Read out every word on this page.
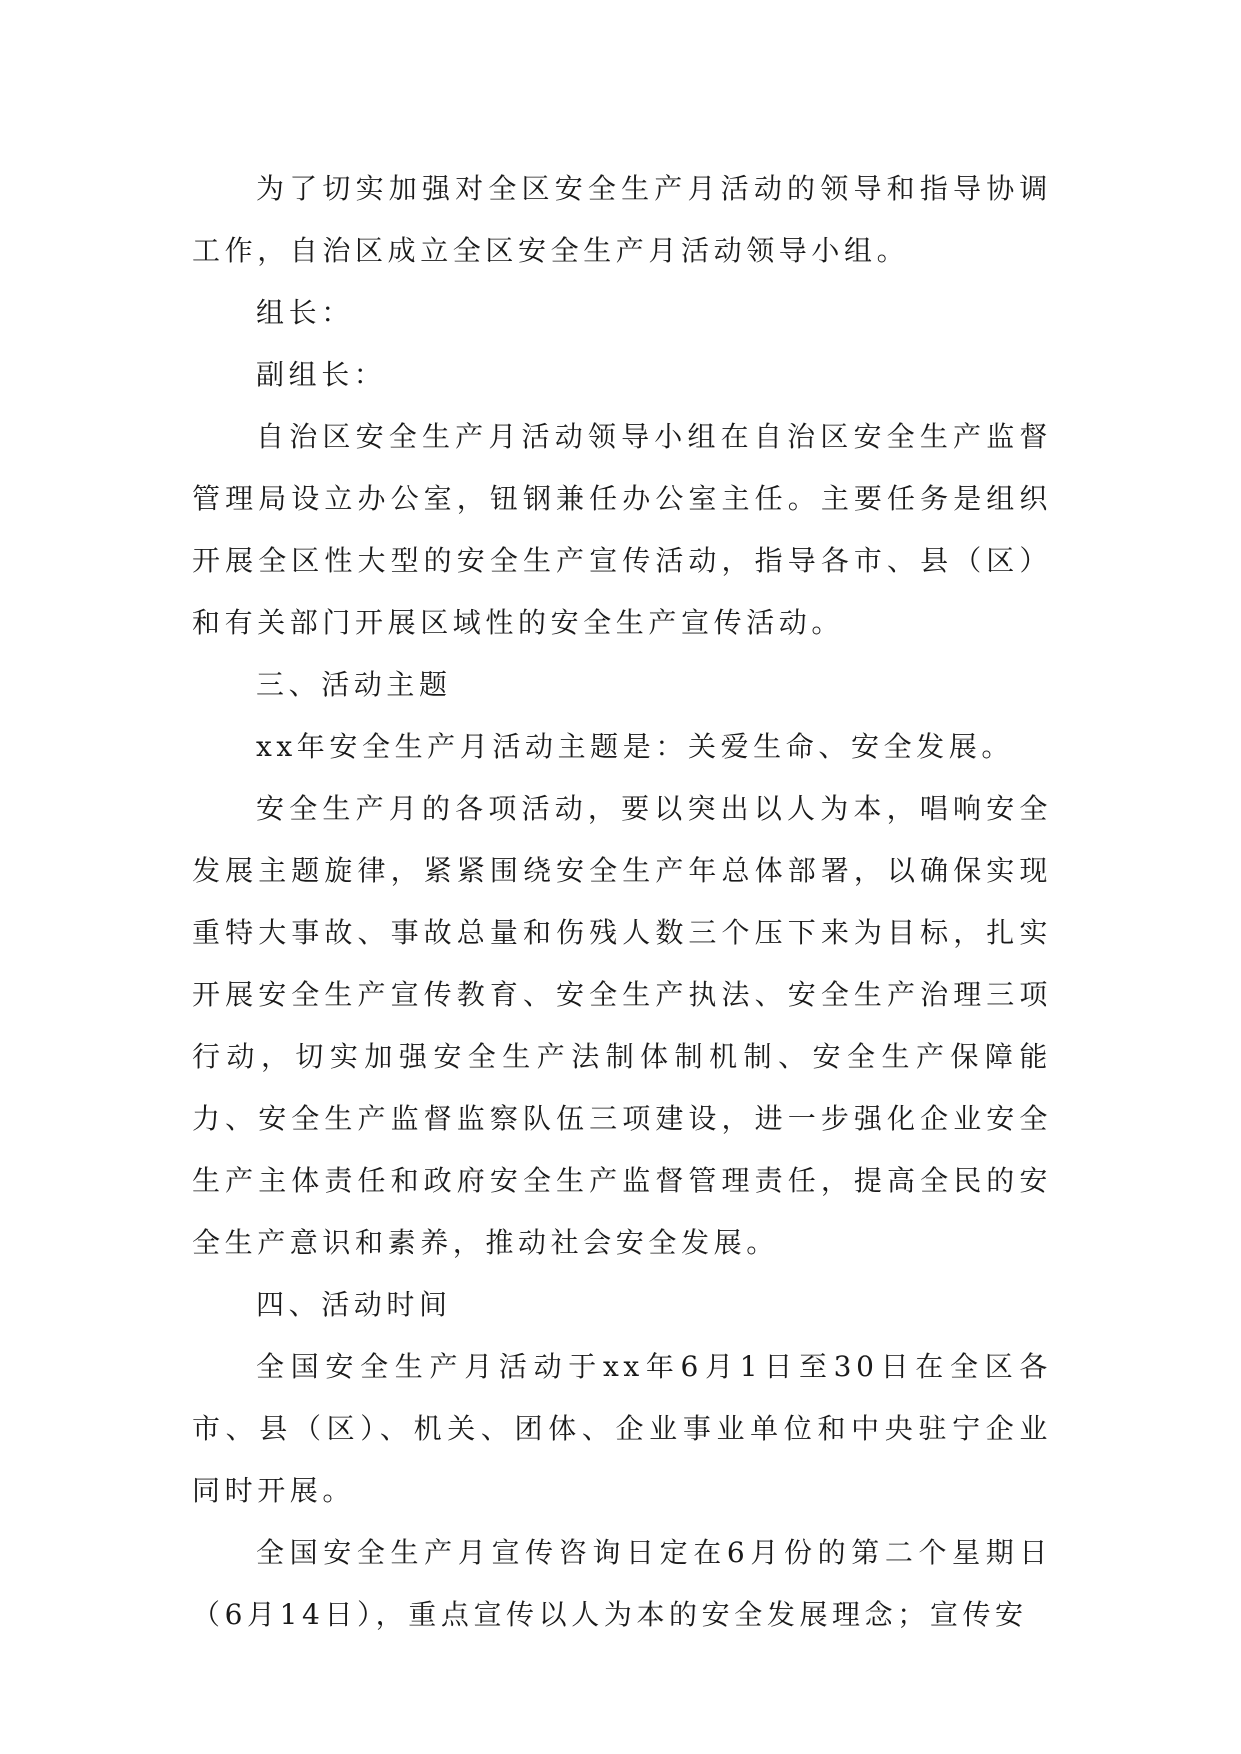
为了切实加强对全区安全生产月活动的领导和指导协调工作，自治区成立全区安全生产月活动领导小组。

组长：

副组长：

自治区安全生产月活动领导小组在自治区安全生产监督管理局设立办公室，钮钢兼任办公室主任。主要任务是组织开展全区性大型的安全生产宣传活动，指导各市、县（区）和有关部门开展区域性的安全生产宣传活动。

三、活动主题

xx年安全生产月活动主题是：关爱生命、安全发展。

安全生产月的各项活动，要以突出以人为本，唱响安全发展主题旋律，紧紧围绕安全生产年总体部署，以确保实现重特大事故、事故总量和伤残人数三个压下来为目标，扎实开展安全生产宣传教育、安全生产执法、安全生产治理三项行动，切实加强安全生产法制体制机制、安全生产保障能力、安全生产监督监察队伍三项建设，进一步强化企业安全生产主体责任和政府安全生产监督管理责任，提高全民的安全生产意识和素养，推动社会安全发展。

四、活动时间

全国安全生产月活动于xx年6月1日至30日在全区各市、县（区）、机关、团体、企业事业单位和中央驻宁企业同时开展。

全国安全生产月宣传咨询日定在6月份的第二个星期日（6月14日），重点宣传以人为本的安全发展理念；宣传安
